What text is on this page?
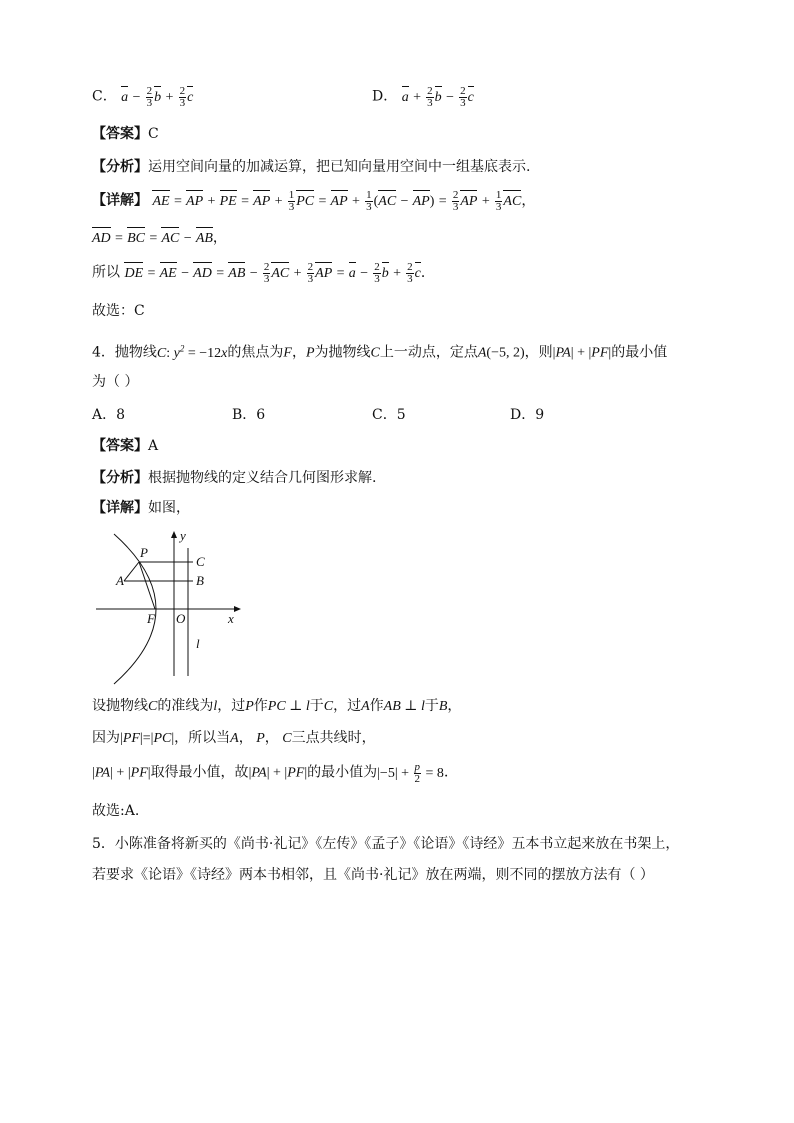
C． $a - \frac{2}{3}$ $b + \frac{2}{3}$ c	D． $a + \frac{2}{3}$ $b - \frac{2}{3}$ c
【答案】C
【分析】运用空间向量的加减运算，把已知向量用空间中一组基底表示.
【详解】 AE = AP + PE = AP + $\frac{1}{3}$ PC = AP + $\frac{1}{3} (AC - AP) = \frac{2}{3}$ AP + $\frac{1}{3}$ AC，
AD = BC = AC − AB，
所以 DE = AE − AD = AB − $\frac{2}{3}$ AC + $\frac{2}{3}$ AP = $a - \frac{2}{3}$ $b + \frac{2}{3}$ c．
故选：C
4．抛物线C: $y^2 = -12x$的焦点为F，P为抛物线C上一动点，定点A(−5, 2)，则|PA| + |PF|的最小值
为（ ）
A．8	B．6	C．5	D．9
【答案】A
【分析】根据抛物线的定义结合几何图形求解.
【详解】如图，
y
x
P
C
A	B
F O
l
设抛物线C的准线为l，过P作PC ⊥ l于C，过A作AB ⊥ l于B，
因为|PF|=|PC|，所以当A， P， C三点共线时，
|PA| + |PF|取得最小值，故|PA| + |PF|的最小值为$|-5| + \frac{p}{2} = 8$．
故选:A.
5．小陈准备将新买的《尚书·礼记》《左传》《孟子》《论语》《诗经》五本书立起来放在书架上，
若要求《论语》《诗经》两本书相邻，且《尚书·礼记》放在两端，则不同的摆放方法有（ ）
